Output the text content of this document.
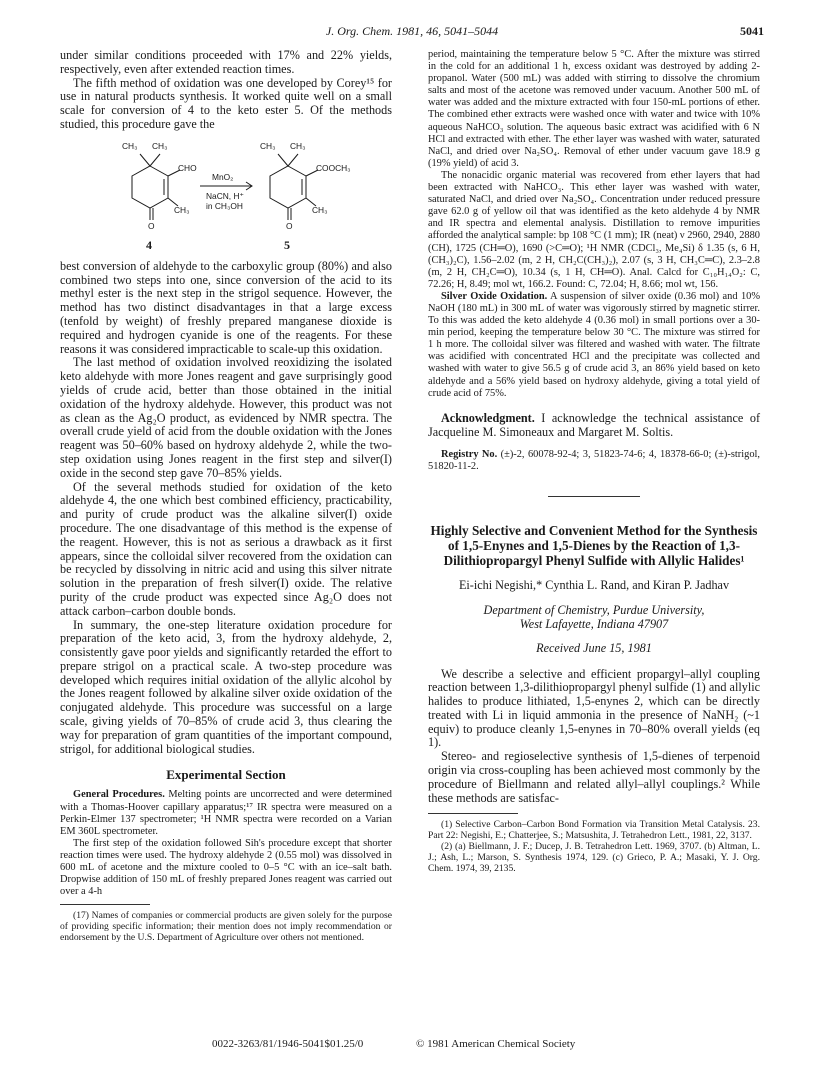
J. Org. Chem. 1981, 46, 5041–5044	5041

under similar conditions proceeded with 17% and 22% yields, respectively, even after extended reaction times.

The fifth method of oxidation was one developed by Corey¹⁵ for use in natural products synthesis. It worked quite well on a small scale for conversion of 4 to the keto ester 5. Of the methods studied, this procedure gave the

CH₃ CH₃
CHO
CH₃
O
MnO₂
NaCN, H⁺
in CH₃OH
CH₃ CH₃
COOCH₃
CH₃
O
4	5

best conversion of aldehyde to the carboxylic group (80%) and also combined two steps into one, since conversion of the acid to its methyl ester is the next step in the strigol sequence. However, the method has two distinct disadvantages in that a large excess (tenfold by weight) of freshly prepared manganese dioxide is required and hydrogen cyanide is one of the reagents. For these reasons it was considered impracticable to scale-up this oxidation.

The last method of oxidation involved reoxidizing the isolated keto aldehyde with more Jones reagent and gave surprisingly good yields of crude acid, better than those obtained in the initial oxidation of the hydroxy aldehyde. However, this product was not as clean as the Ag₂O product, as evidenced by NMR spectra. The overall crude yield of acid from the double oxidation with the Jones reagent was 50–60% based on hydroxy aldehyde 2, while the two-step oxidation using Jones reagent in the first step and silver(I) oxide in the second step gave 70–85% yields.

Of the several methods studied for oxidation of the keto aldehyde 4, the one which best combined efficiency, practicability, and purity of crude product was the alkaline silver(I) oxide procedure. The one disadvantage of this method is the expense of the reagent. However, this is not as serious a drawback as it first appears, since the colloidal silver recovered from the oxidation can be recycled by dissolving in nitric acid and using this silver nitrate solution in the preparation of fresh silver(I) oxide. The relative purity of the crude product was expected since Ag₂O does not attack carbon–carbon double bonds.

In summary, the one-step literature oxidation procedure for preparation of the keto acid, 3, from the hydroxy aldehyde, 2, consistently gave poor yields and significantly retarded the effort to prepare strigol on a practical scale. A two-step procedure was developed which requires initial oxidation of the allylic alcohol by the Jones reagent followed by alkaline silver oxide oxidation of the conjugated aldehyde. This procedure was successful on a large scale, giving yields of 70–85% of crude acid 3, thus clearing the way for preparation of gram quantities of the important compound, strigol, for additional biological studies.

Experimental Section

General Procedures. Melting points are uncorrected and were determined with a Thomas-Hoover capillary apparatus;¹⁷ IR spectra were measured on a Perkin-Elmer 137 spectrometer; ¹H NMR spectra were recorded on a Varian EM 360L spectrometer.

The first step of the oxidation followed Sih's procedure except that shorter reaction times were used. The hydroxy aldehyde 2 (0.55 mol) was dissolved in 600 mL of acetone and the mixture cooled to 0–5 °C with an ice–salt bath. Dropwise addition of 150 mL of freshly prepared Jones reagent was carried out over a 4-h

(17) Names of companies or commercial products are given solely for the purpose of providing specific information; their mention does not imply recommendation or endorsement by the U.S. Department of Agriculture over others not mentioned.

period, maintaining the temperature below 5 °C. After the mixture was stirred in the cold for an additional 1 h, excess oxidant was destroyed by adding 2-propanol. Water (500 mL) was added with stirring to dissolve the chromium salts and most of the acetone was removed under vacuum. Another 500 mL of water was added and the mixture extracted with four 150-mL portions of ether. The combined ether extracts were washed once with water and twice with 10% aqueous NaHCO₃ solution. The aqueous basic extract was acidified with 6 N HCl and extracted with ether. The ether layer was washed with water, saturated NaCl, and dried over Na₂SO₄. Removal of ether under vacuum gave 18.9 g (19% yield) of acid 3.

The nonacidic organic material was recovered from ether layers that had been extracted with NaHCO₃. This ether layer was washed with water, saturated NaCl, and dried over Na₂SO₄. Concentration under reduced pressure gave 62.0 g of yellow oil that was identified as the keto aldehyde 4 by NMR and IR spectra and elemental analysis. Distillation to remove impurities afforded the analytical sample: bp 108 °C (1 mm); IR (neat) ν 2960, 2940, 2880 (CH), 1725 (CH═O), 1690 (>C═O); ¹H NMR (CDCl₃, Me₄Si) δ 1.35 (s, 6 H, (CH₃)₂C), 1.56–2.02 (m, 2 H, CH₂C(CH₃)₂), 2.07 (s, 3 H, CH₃C═C), 2.3–2.8 (m, 2 H, CH₂C═O), 10.34 (s, 1 H, CH═O). Anal. Calcd for C₁₀H₁₄O₂: C, 72.26; H, 8.49; mol wt, 166.2. Found: C, 72.04; H, 8.66; mol wt, 156.

Silver Oxide Oxidation. A suspension of silver oxide (0.36 mol) and 10% NaOH (180 mL) in 300 mL of water was vigorously stirred by magnetic stirrer. To this was added the keto aldehyde 4 (0.36 mol) in small portions over a 30-min period, keeping the temperature below 30 °C. The mixture was stirred for 1 h more. The colloidal silver was filtered and washed with water. The filtrate was acidified with concentrated HCl and the precipitate was collected and washed with water to give 56.5 g of crude acid 3, an 86% yield based on keto aldehyde and a 56% yield based on hydroxy aldehyde, giving a total yield of crude acid of 75%.

Acknowledgment. I acknowledge the technical assistance of Jacqueline M. Simoneaux and Margaret M. Soltis.

Registry No. (±)-2, 60078-92-4; 3, 51823-74-6; 4, 18378-66-0; (±)-strigol, 51820-11-2.

Highly Selective and Convenient Method for the Synthesis of 1,5-Enynes and 1,5-Dienes by the Reaction of 1,3-Dilithiopropargyl Phenyl Sulfide with Allylic Halides¹
Ei-ichi Negishi,* Cynthia L. Rand, and Kiran P. Jadhav
Department of Chemistry, Purdue University,
West Lafayette, Indiana 47907
Received June 15, 1981

We describe a selective and efficient propargyl–allyl coupling reaction between 1,3-dilithiopropargyl phenyl sulfide (1) and allylic halides to produce lithiated, 1,5-enynes 2, which can be directly treated with Li in liquid ammonia in the presence of NaNH₂ (~1 equiv) to produce cleanly 1,5-enynes in 70–80% overall yields (eq 1).

Stereo- and regioselective synthesis of 1,5-dienes of terpenoid origin via cross-coupling has been achieved most commonly by the procedure of Biellmann and related allyl–allyl couplings.² While these methods are satisfac-

(1) Selective Carbon–Carbon Bond Formation via Transition Metal Catalysis. 23. Part 22: Negishi, E.; Chatterjee, S.; Matsushita, J. Tetrahedron Lett., 1981, 22, 3137.

(2) (a) Biellmann, J. F.; Ducep, J. B. Tetrahedron Lett. 1969, 3707. (b) Altman, L. J.; Ash, L.; Marson, S. Synthesis 1974, 129. (c) Grieco, P. A.; Masaki, Y. J. Org. Chem. 1974, 39, 2135.

0022-3263/81/1946-5041$01.25/0	© 1981 American Chemical Society
